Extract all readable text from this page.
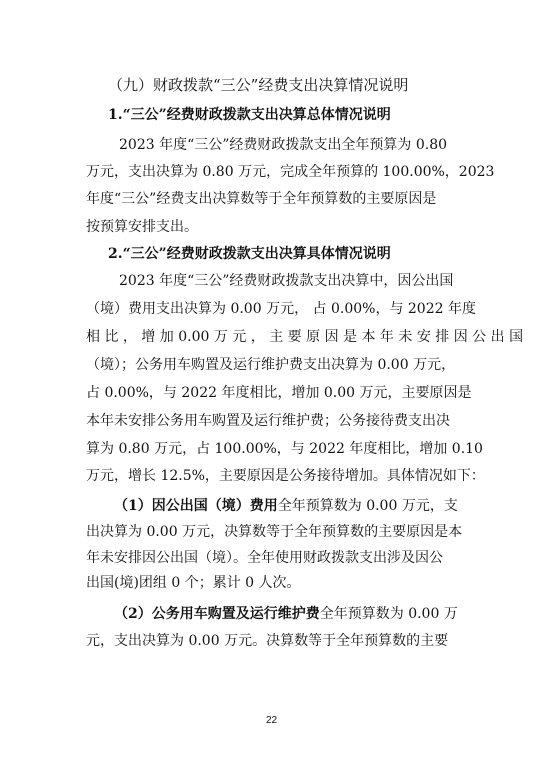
（九）财政拨款“三公”经费支出决算情况说明
1.“三公”经费财政拨款支出决算总体情况说明
2023 年度“三公”经费财政拨款支出全年预算为 0.80
万元，支出决算为 0.80 万元，完成全年预算的 100.00%，2023
年度“三公”经费支出决算数等于全年预算数的主要原因是
按预算安排支出。
2.“三公”经费财政拨款支出决算具体情况说明
2023 年度“三公”经费财政拨款支出决算中，因公出国
（境）费用支出决算为 0.00 万元， 占 0.00%，与 2022 年度
相 比 ， 增 加 0.00 万 元 ， 主 要 原 因 是 本 年 未 安 排 因 公 出 国
（境）；公务用车购置及运行维护费支出决算为 0.00 万元，
占 0.00%，与 2022 年度相比，增加 0.00 万元，主要原因是
本年未安排公务用车购置及运行维护费；公务接待费支出决
算为 0.80 万元，占 100.00%，与 2022 年度相比，增加 0.10
万元，增长 12.5%，主要原因是公务接待增加。具体情况如下：
（1）因公出国（境）费用全年预算数为 0.00 万元，支
出决算为 0.00 万元，决算数等于全年预算数的主要原因是本
年未安排因公出国（境）。全年使用财政拨款支出涉及因公
出国(境)团组 0 个；累计 0 人次。
（2）公务用车购置及运行维护费全年预算数为 0.00 万
元，支出决算为 0.00 万元。决算数等于全年预算数的主要
22
